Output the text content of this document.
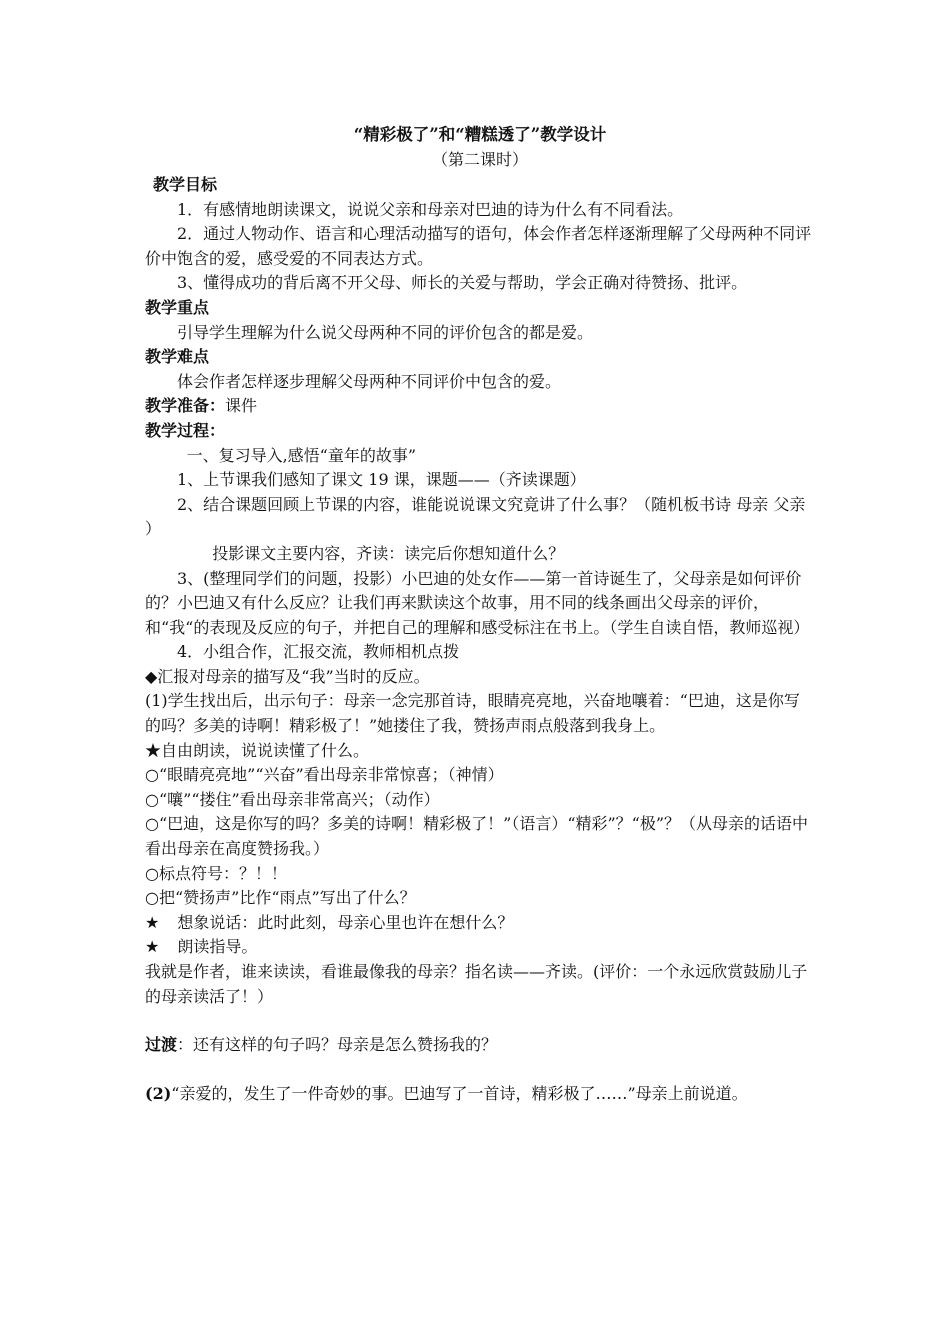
“精彩极了”和“糟糕透了”教学设计
（第二课时）
教学目标
1．有感情地朗读课文，说说父亲和母亲对巴迪的诗为什么有不同看法。
2．通过人物动作、语言和心理活动描写的语句，体会作者怎样逐渐理解了父母两种不同评价中饱含的爱，感受爱的不同表达方式。
3、懂得成功的背后离不开父母、师长的关爱与帮助，学会正确对待赞扬、批评。
教学重点
引导学生理解为什么说父母两种不同的评价包含的都是爱。
教学难点
体会作者怎样逐步理解父母两种不同评价中包含的爱。
教学准备：课件
教学过程：
一、复习导入,感悟“童年的故事”
1、上节课我们感知了课文 19 课，课题——（齐读课题）
2、结合课题回顾上节课的内容，谁能说说课文究竟讲了什么事？（随机板书诗 母亲 父亲 ）
投影课文主要内容，齐读：读完后你想知道什么？
3、(整理同学们的问题，投影）小巴迪的处女作——第一首诗诞生了，父母亲是如何评价的？小巴迪又有什么反应？让我们再来默读这个故事，用不同的线条画出父母亲的评价，和“我“的表现及反应的句子，并把自己的理解和感受标注在书上。（学生自读自悟，教师巡视）
4．小组合作，汇报交流，教师相机点拨
◆汇报对母亲的描写及“我”当时的反应。
(1)学生找出后，出示句子：母亲一念完那首诗，眼睛亮亮地，兴奋地嚷着：“巴迪，这是你写的吗？多美的诗啊！精彩极了！”她搂住了我，赞扬声雨点般落到我身上。
★自由朗读，说说读懂了什么。
○“眼睛亮亮地”“兴奋”看出母亲非常惊喜；（神情）
○“嚷”“搂住”看出母亲非常高兴；（动作）
○“巴迪，这是你写的吗？多美的诗啊！精彩极了！”（语言）“精彩”？“极”？（从母亲的话语中看出母亲在高度赞扬我。）
○标点符号：？！！
○把“赞扬声”比作“雨点”写出了什么？
★ 想象说话：此时此刻，母亲心里也许在想什么？
★ 朗读指导。
我就是作者，谁来读读，看谁最像我的母亲？指名读——齐读。(评价：一个永远欣赏鼓励儿子的母亲读活了！）
过渡：还有这样的句子吗？母亲是怎么赞扬我的？
(2)“亲爱的，发生了一件奇妙的事。巴迪写了一首诗，精彩极了……”母亲上前说道。
